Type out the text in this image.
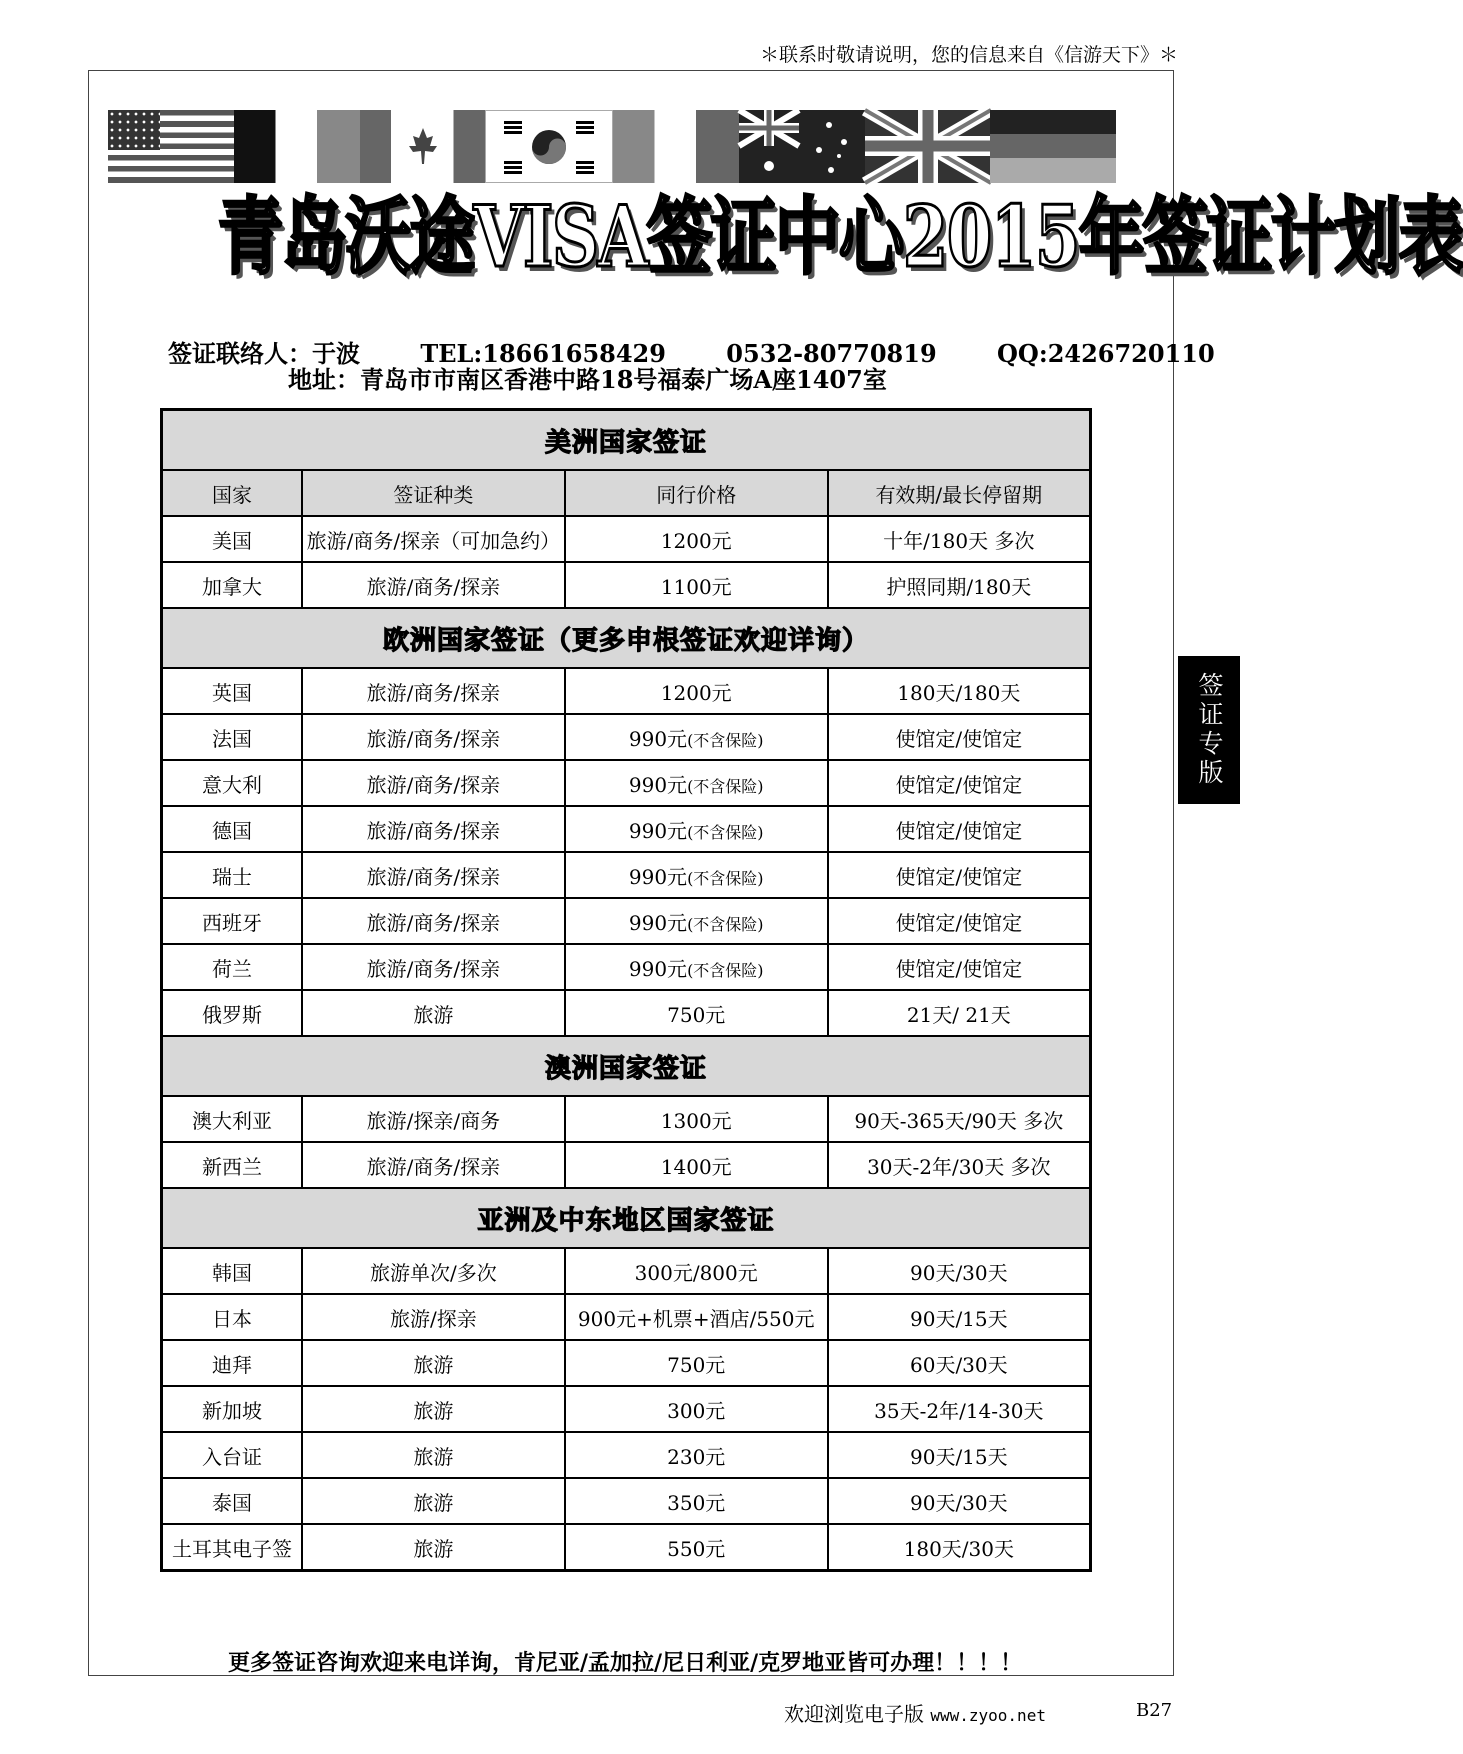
＊联系时敬请说明，您的信息来自《信游天下》＊
青岛沃途VISA签证中心2015年签证计划表
签证联络人：于波	TEL:18661658429	0532-80770819	QQ:2426720110
地址：青岛市市南区香港中路18号福泰广场A座1407室
美洲国家签证			
国家	签证种类	同行价格	有效期/最长停留期
美国	旅游/商务/探亲（可加急约）	1200元	十年/180天 多次
加拿大	旅游/商务/探亲	1100元	护照同期/180天
欧洲国家签证（更多申根签证欢迎详询）			
英国	旅游/商务/探亲	1200元	180天/180天
法国	旅游/商务/探亲	990元(不含保险)	使馆定/使馆定
意大利	旅游/商务/探亲	990元(不含保险)	使馆定/使馆定
德国	旅游/商务/探亲	990元(不含保险)	使馆定/使馆定
瑞士	旅游/商务/探亲	990元(不含保险)	使馆定/使馆定
西班牙	旅游/商务/探亲	990元(不含保险)	使馆定/使馆定
荷兰	旅游/商务/探亲	990元(不含保险)	使馆定/使馆定
俄罗斯	旅游	750元	21天/ 21天
澳洲国家签证			
澳大利亚	旅游/探亲/商务	1300元	90天-365天/90天 多次
新西兰	旅游/商务/探亲	1400元	30天-2年/30天 多次
亚洲及中东地区国家签证			
韩国	旅游单次/多次	300元/800元	90天/30天
日本	旅游/探亲	900元+机票+酒店/550元	90天/15天
迪拜	旅游	750元	60天/30天
新加坡	旅游	300元	35天-2年/14-30天
入台证	旅游	230元	90天/15天
泰国	旅游	350元	90天/30天
土耳其电子签	旅游	550元	180天/30天
签证专版
更多签证咨询欢迎来电详询，肯尼亚/孟加拉/尼日利亚/克罗地亚皆可办理！！！！
欢迎浏览电子版 www.zyoo.net	B27
